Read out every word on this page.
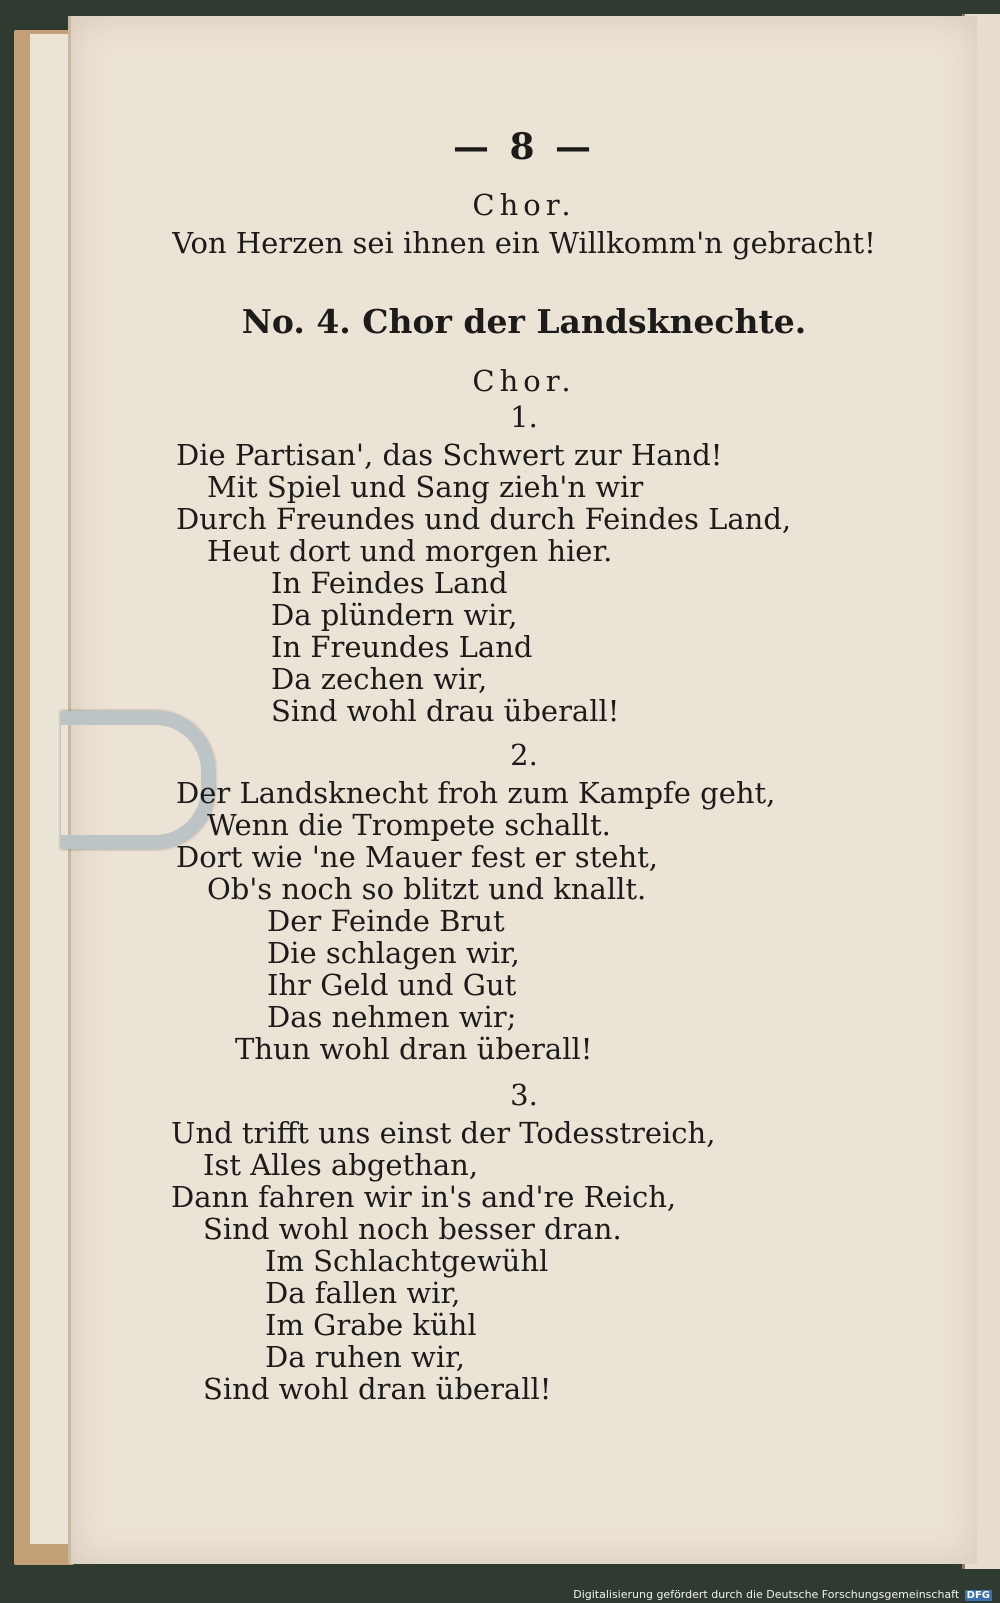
— 8 —
Chor.
Von Herzen sei ihnen ein Willkomm'n gebracht!
No. 4. Chor der Landsknechte.
Chor.
1.
Die Partisan', das Schwert zur Hand!
Mit Spiel und Sang zieh'n wir
Durch Freundes und durch Feindes Land,
Heut dort und morgen hier.
In Feindes Land
Da plündern wir,
In Freundes Land
Da zechen wir,
Sind wohl drau überall!
2.
Der Landsknecht froh zum Kampfe geht,
Wenn die Trompete schallt.
Dort wie 'ne Mauer fest er steht,
Ob's noch so blitzt und knallt.
Der Feinde Brut
Die schlagen wir,
Ihr Geld und Gut
Das nehmen wir;
Thun wohl dran überall!
3.
Und trifft uns einst der Todesstreich,
Ist Alles abgethan,
Dann fahren wir in's and're Reich,
Sind wohl noch besser dran.
Im Schlachtgewühl
Da fallen wir,
Im Grabe kühl
Da ruhen wir,
Sind wohl dran überall!
Digitalisierung gefördert durch die Deutsche Forschungsgemeinschaft DFG
